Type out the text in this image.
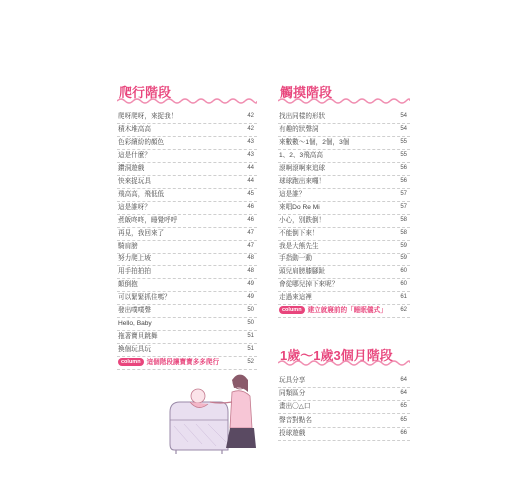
爬行階段
爬呀爬呀，來捉我！	42
積木堆高高	42
色彩繽紛的顏色	43
這是什麼？	43
鑽洞遊戲	44
快來捉玩具	44
飛高高，飛低低	45
這是誰呀？	46
煮飯咚咚，睡覺呼呼	46
再見，我回來了	47
騎肩膀	47
努力爬上坡	48
用手拍拍拍	48
顛倒抱	49
可以緊緊抓住嗎？	49
發出噗噗聲	50
Hello, Baby	50
拖著寶貝跳舞	51
換個玩具玩	51
column 這個階段讓寶寶多多爬行	52
觸摸階段
找出同樣的形狀	54
有趣的狀聲詞	54
來數數～1個，2個，3個	55
1、2、3飛高高	55
滾啊滾啊來追球	56
球球跑出來囉！	56
這是誰？	57
來唱Do Re Mi	57
小心，別跌倒！	58
不能倒下來！	58
我是大熊先生	59
手指動一動	59
頭兒肩膀膝腳趾	60
會從哪兒掉下來呢？	60
走過來這裡	61
column 建立就寢前的「睡眠儀式」 62
1歲～1歲3個月階段
玩具分享	64
同類區分	64
畫出〇△口	65
聲音對點名	65
投球遊戲	66
